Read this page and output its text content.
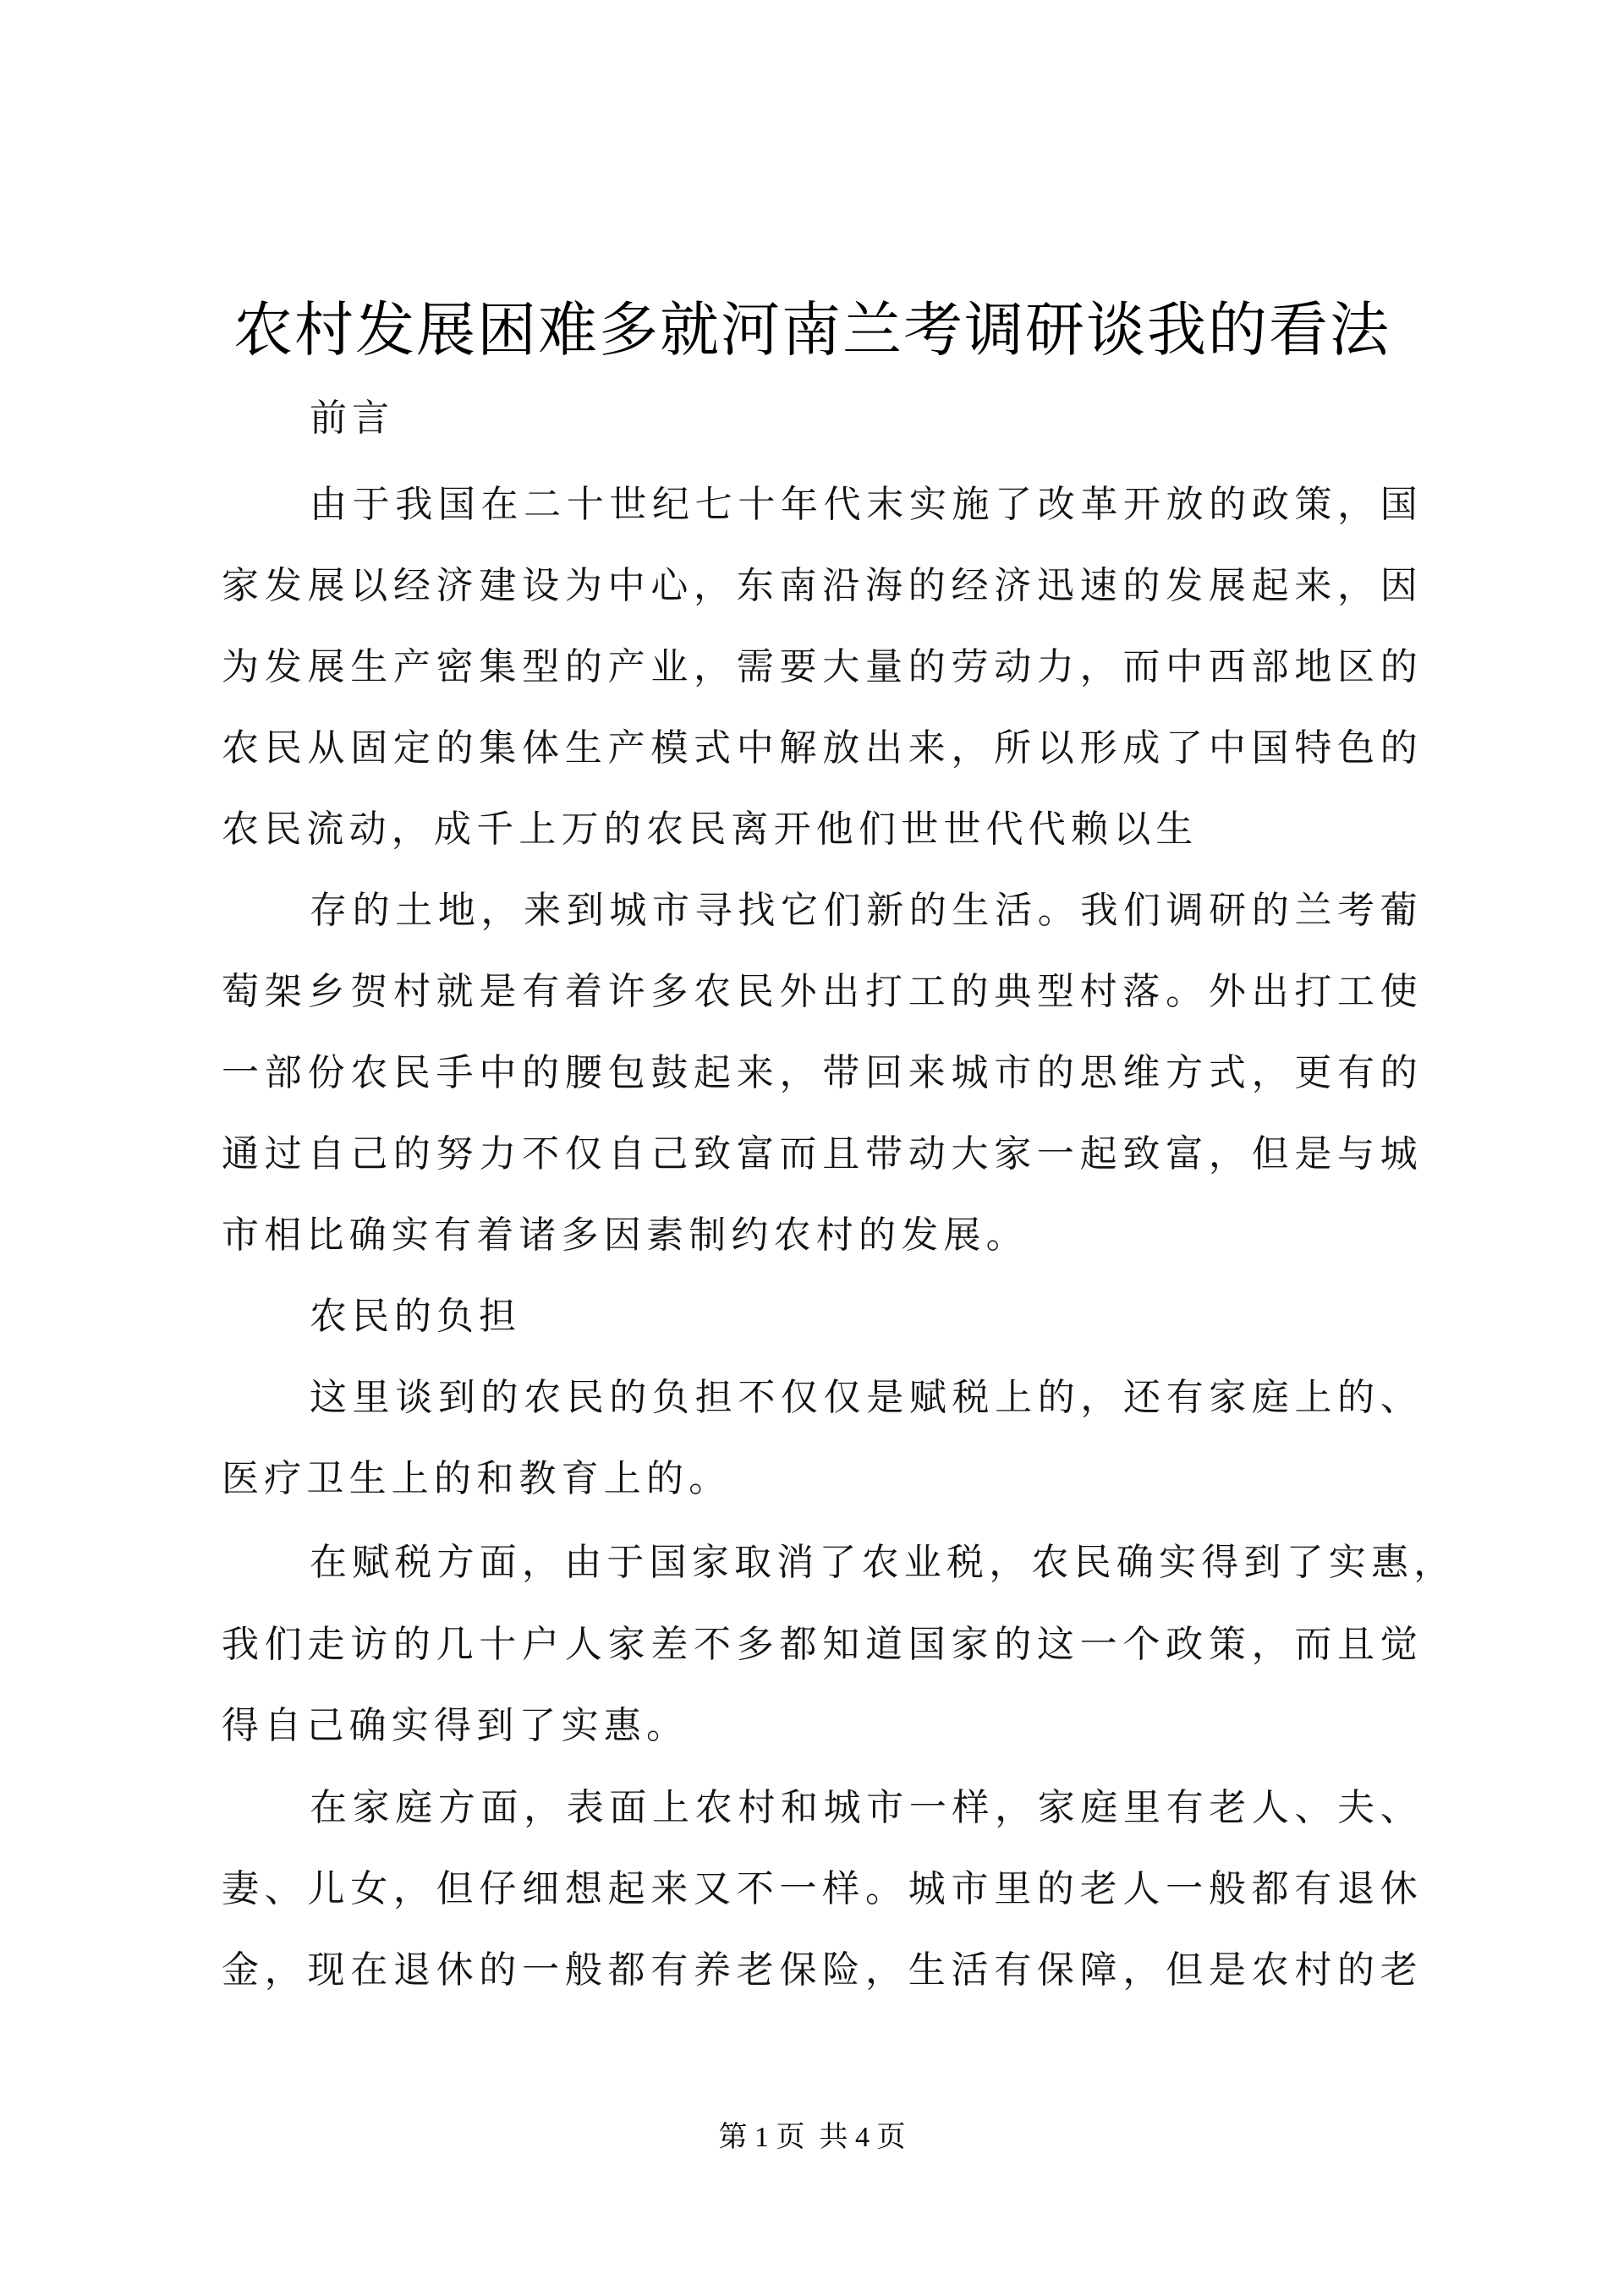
农村发展困难多就河南兰考调研谈我的看法
前言
由于我国在二十世纪七十年代末实施了改革开放的政策，国
家发展以经济建设为中心，东南沿海的经济迅速的发展起来，因
为发展生产密集型的产业，需要大量的劳动力，而中西部地区的
农民从固定的集体生产模式中解放出来，所以形成了中国特色的
农民流动，成千上万的农民离开他们世世代代赖以生
存的土地，来到城市寻找它们新的生活。我们调研的兰考葡
萄架乡贺村就是有着许多农民外出打工的典型村落。外出打工使
一部份农民手中的腰包鼓起来，带回来城市的思维方式，更有的
通过自己的努力不仅自己致富而且带动大家一起致富，但是与城
市相比确实有着诸多因素制约农村的发展。
农民的负担
这里谈到的农民的负担不仅仅是赋税上的，还有家庭上的、
医疗卫生上的和教育上的。
在赋税方面，由于国家取消了农业税，农民确实得到了实惠，
我们走访的几十户人家差不多都知道国家的这一个政策，而且觉
得自己确实得到了实惠。
在家庭方面，表面上农村和城市一样，家庭里有老人、夫、
妻、儿女，但仔细想起来又不一样。城市里的老人一般都有退休
金，现在退休的一般都有养老保险，生活有保障，但是农村的老
第 1 页  共 4 页
